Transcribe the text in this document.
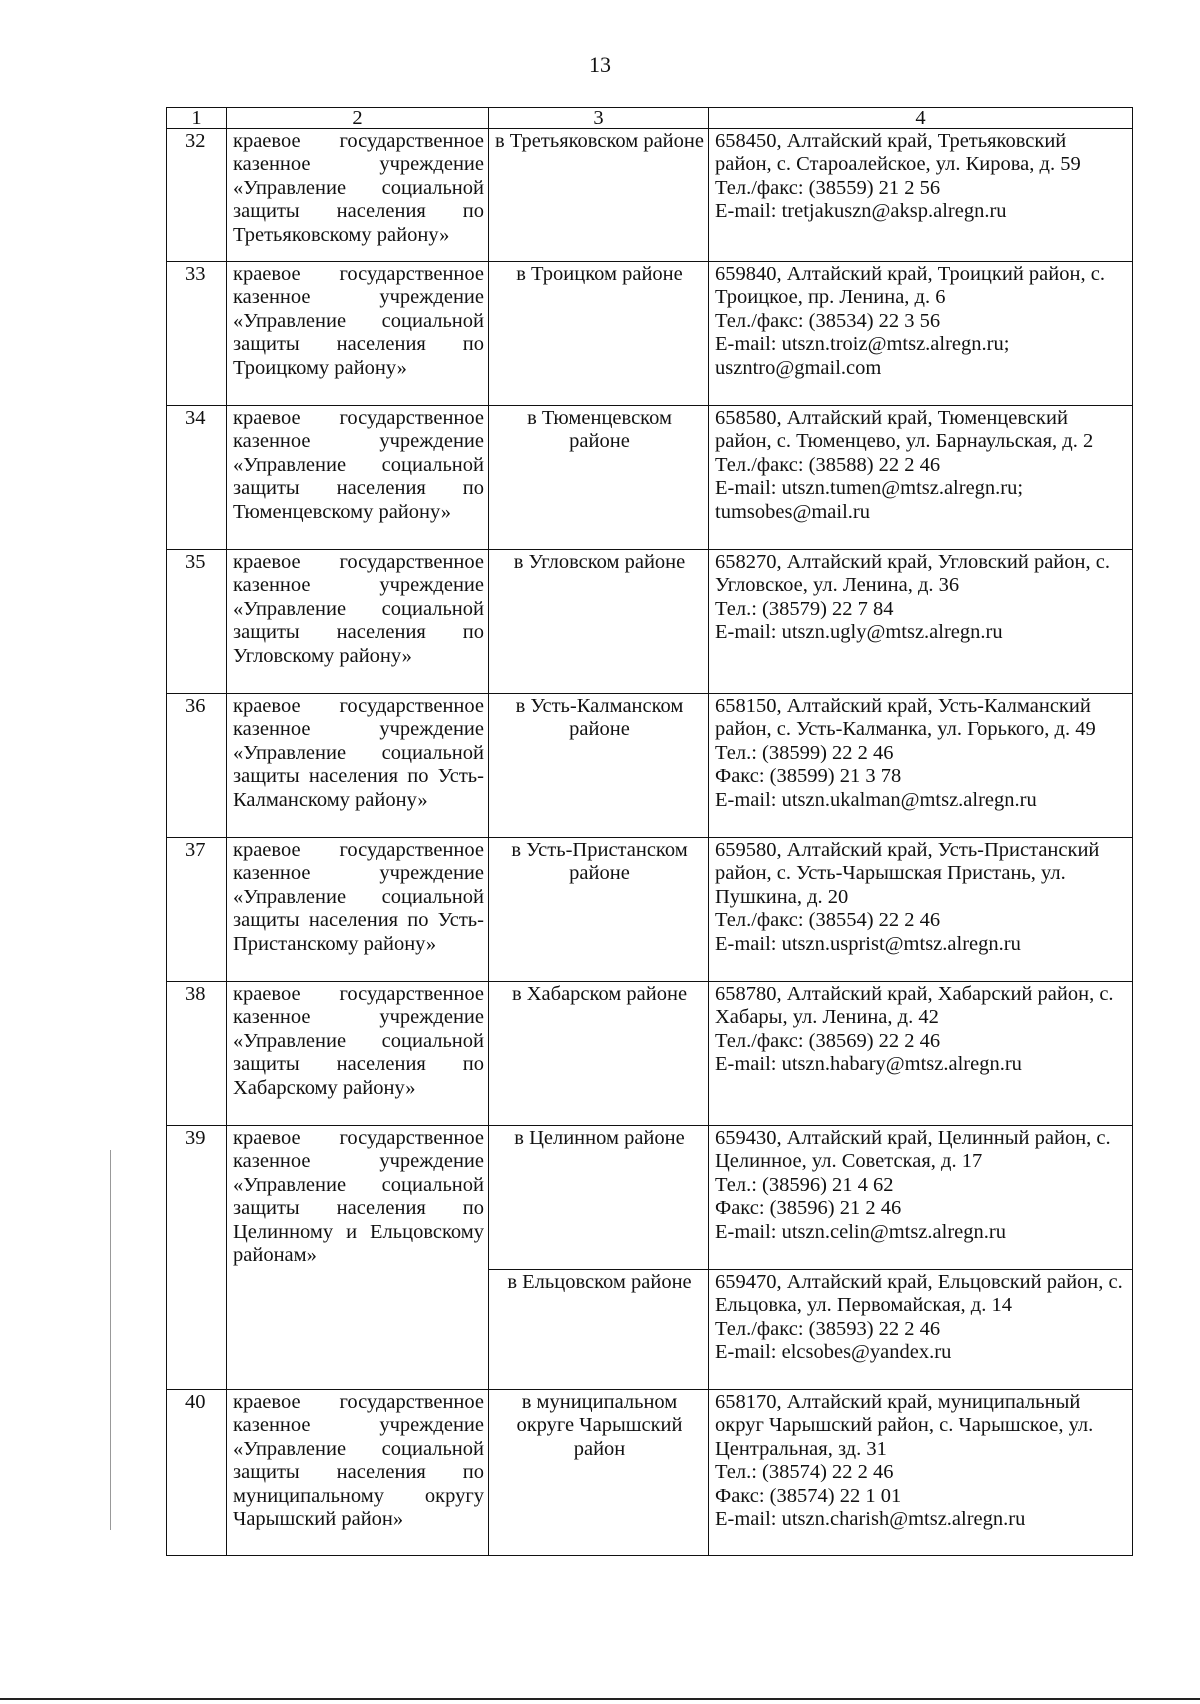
13
1	2	3	4
32	краевое государственное казенное учреждение «Управление социальной защиты населения по Третьяковскому району»	в Третьяковском районе	658450, Алтайский край, Третьяковский район, с. Староалейское, ул. Кирова, д. 59
Тел./факс: (38559) 21 2 56
E-mail: tretjakuszn@aksp.alregn.ru
33	краевое государственное казенное учреждение «Управление социальной защиты населения по Троицкому району»	в Троицком районе	659840, Алтайский край, Троицкий район, с. Троицкое, пр. Ленина, д. 6
Тел./факс: (38534) 22 3 56
E-mail: utszn.troiz@mtsz.alregn.ru;
uszntro@gmail.com
34	краевое государственное казенное учреждение «Управление социальной защиты населения по Тюменцевскому району»	в Тюменцевском районе	658580, Алтайский край, Тюменцевский район, с. Тюменцево, ул. Барнаульская, д. 2
Тел./факс: (38588) 22 2 46
E-mail: utszn.tumen@mtsz.alregn.ru;
tumsobes@mail.ru
35	краевое государственное казенное учреждение «Управление социальной защиты населения по Угловскому району»	в Угловском районе	658270, Алтайский край, Угловский район, с. Угловское, ул. Ленина, д. 36
Тел.: (38579) 22 7 84
E-mail: utszn.ugly@mtsz.alregn.ru
36	краевое государственное казенное учреждение «Управление социальной защиты населения по Усть-Калманскому району»	в Усть-Калманском районе	658150, Алтайский край, Усть-Калманский район, с. Усть-Калманка, ул. Горького, д. 49
Тел.: (38599) 22 2 46
Факс: (38599) 21 3 78
E-mail: utszn.ukalman@mtsz.alregn.ru
37	краевое государственное казенное учреждение «Управление социальной защиты населения по Усть-Пристанскому району»	в Усть-Пристанском районе	659580, Алтайский край, Усть-Пристанский район, с. Усть-Чарышская Пристань, ул. Пушкина, д. 20
Тел./факс: (38554) 22 2 46
E-mail: utszn.usprist@mtsz.alregn.ru
38	краевое государственное казенное учреждение «Управление социальной защиты населения по Хабарскому району»	в Хабарском районе	658780, Алтайский край, Хабарский район, с. Хабары, ул. Ленина, д. 42
Тел./факс: (38569) 22 2 46
E-mail: utszn.habary@mtsz.alregn.ru
39	краевое государственное казенное учреждение «Управление социальной защиты населения по Целинному и Ельцовскому районам»	в Целинном районе	659430, Алтайский край, Целинный район, с. Целинное, ул. Советская, д. 17
Тел.: (38596) 21 4 62
Факс: (38596) 21 2 46
E-mail: utszn.celin@mtsz.alregn.ru
		в Ельцовском районе	659470, Алтайский край, Ельцовский район, с. Ельцовка, ул. Первомайская, д. 14
Тел./факс: (38593) 22 2 46
E-mail: elcsobes@yandex.ru
40	краевое государственное казенное учреждение «Управление социальной защиты населения по муниципальному округу Чарышский район»	в муниципальном округе Чарышский район	658170, Алтайский край, муниципальный округ Чарышский район, с. Чарышское, ул. Центральная, зд. 31
Тел.: (38574) 22 2 46
Факс: (38574) 22 1 01
E-mail: utszn.charish@mtsz.alregn.ru
